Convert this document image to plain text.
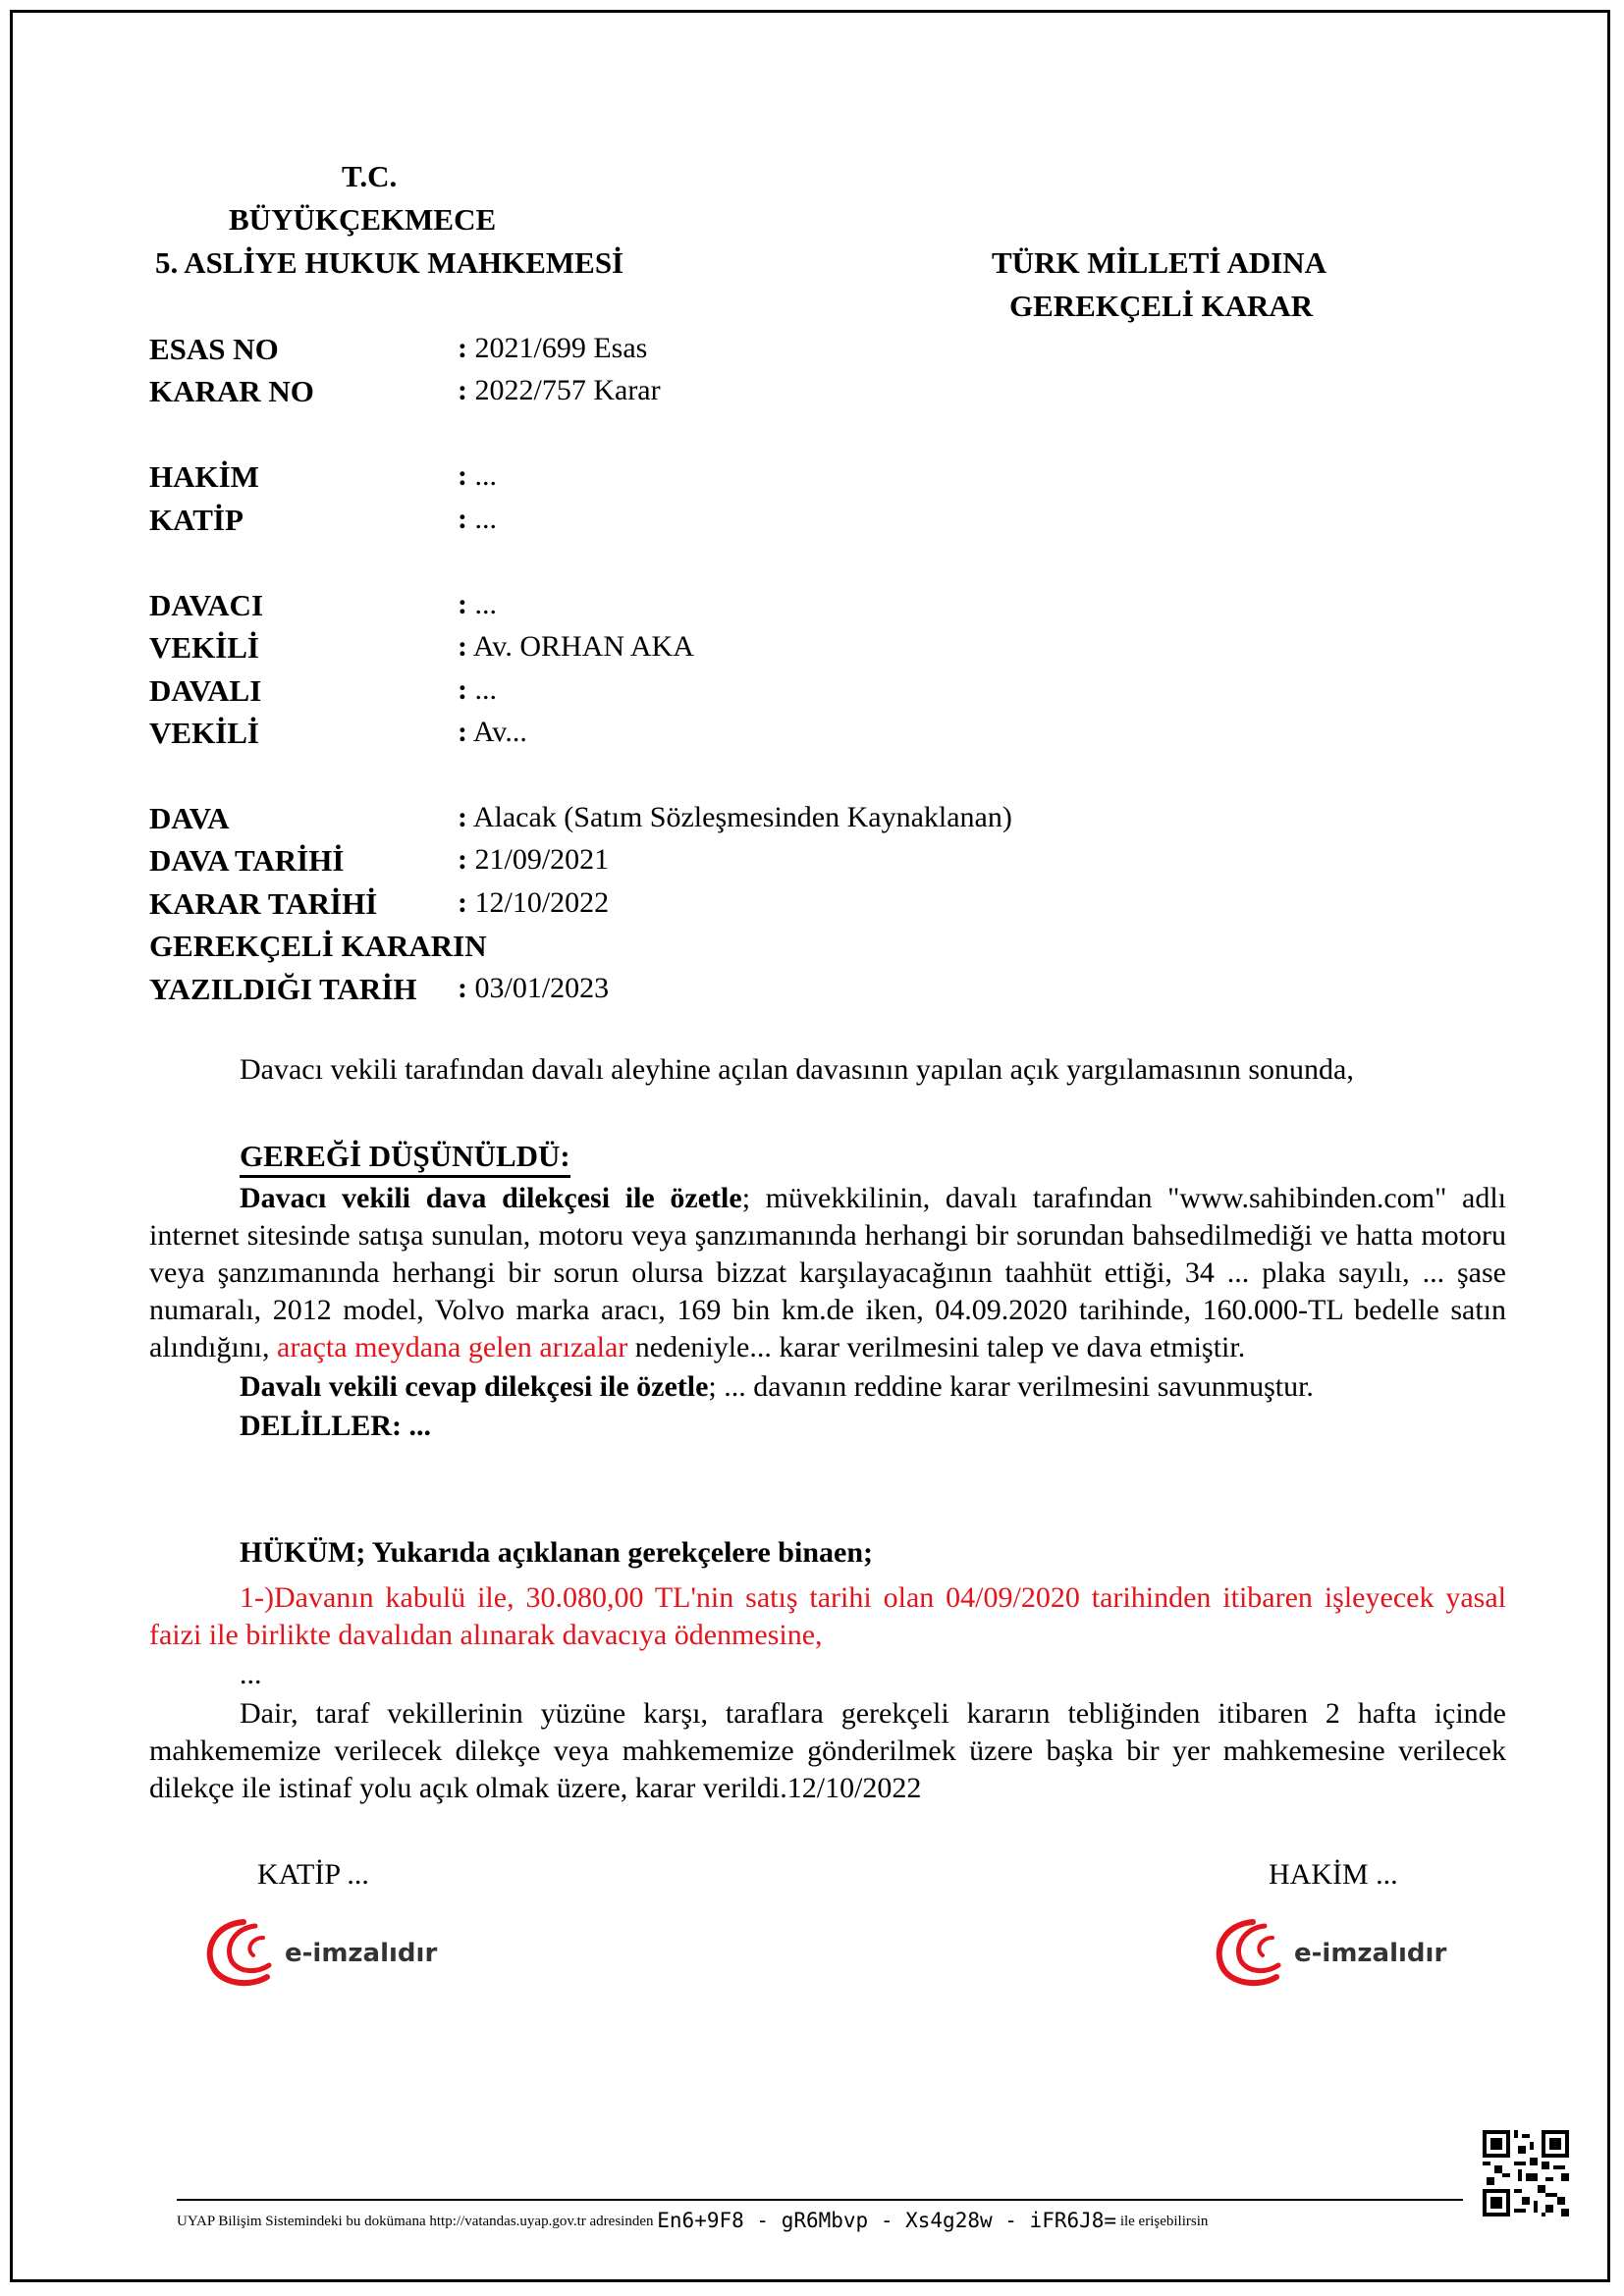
T.C.
BÜYÜKÇEKMECE
5. ASLİYE HUKUK MAHKEMESİ	TÜRK MİLLETİ ADINA
GEREKÇELİ KARAR
ESAS NO	: 2021/699 Esas
KARAR NO	: 2022/757 Karar
HAKİM	: ...
KATİP	: ...
DAVACI	: ...
VEKİLİ	: Av. ORHAN AKA
DAVALI	: ...
VEKİLİ	: Av...
DAVA	: Alacak (Satım Sözleşmesinden Kaynaklanan)
DAVA TARİHİ	: 21/09/2021
KARAR TARİHİ	: 12/10/2022
GEREKÇELİ KARARIN
YAZILDIĞI TARİH : 03/01/2023

Davacı vekili tarafından davalı aleyhine açılan davasının yapılan açık yargılamasının sonunda,

GEREĞİ DÜŞÜNÜLDÜ:

Davacı vekili dava dilekçesi ile özetle; müvekkilinin, davalı tarafından "www.sahibinden.com" adlı internet sitesinde satışa sunulan, motoru veya şanzımanında herhangi bir sorundan bahsedilmediği ve hatta motoru veya şanzımanında herhangi bir sorun olursa bizzat karşılayacağının taahhüt ettiği, 34 ... plaka sayılı, ... şase numaralı, 2012 model, Volvo marka aracı, 169 bin km.de iken, 04.09.2020 tarihinde, 160.000-TL bedelle satın alındığını, araçta meydana gelen arızalar nedeniyle... karar verilmesini talep ve dava etmiştir.

Davalı vekili cevap dilekçesi ile özetle; ... davanın reddine karar verilmesini savunmuştur.

DELİLLER: ...

HÜKÜM; Yukarıda açıklanan gerekçelere binaen;

1-)Davanın kabulü ile, 30.080,00 TL'nin satış tarihi olan 04/09/2020 tarihinden itibaren işleyecek yasal faizi ile birlikte davalıdan alınarak davacıya ödenmesine,

...

Dair, taraf vekillerinin yüzüne karşı, taraflara gerekçeli kararın tebliğinden itibaren 2 hafta içinde mahkememize verilecek dilekçe veya mahkememize gönderilmek üzere başka bir yer mahkemesine verilecek dilekçe ile istinaf yolu açık olmak üzere, karar verildi.12/10/2022

KATİP ...	HAKİM ...
e-imzalıdır	e-imzalıdır
UYAP Bilişim Sistemindeki bu dokümana http://vatandas.uyap.gov.tr adresinden En6+9F8 - gR6Mbvp - Xs4g28w - iFR6J8= ile erişebilirsin
